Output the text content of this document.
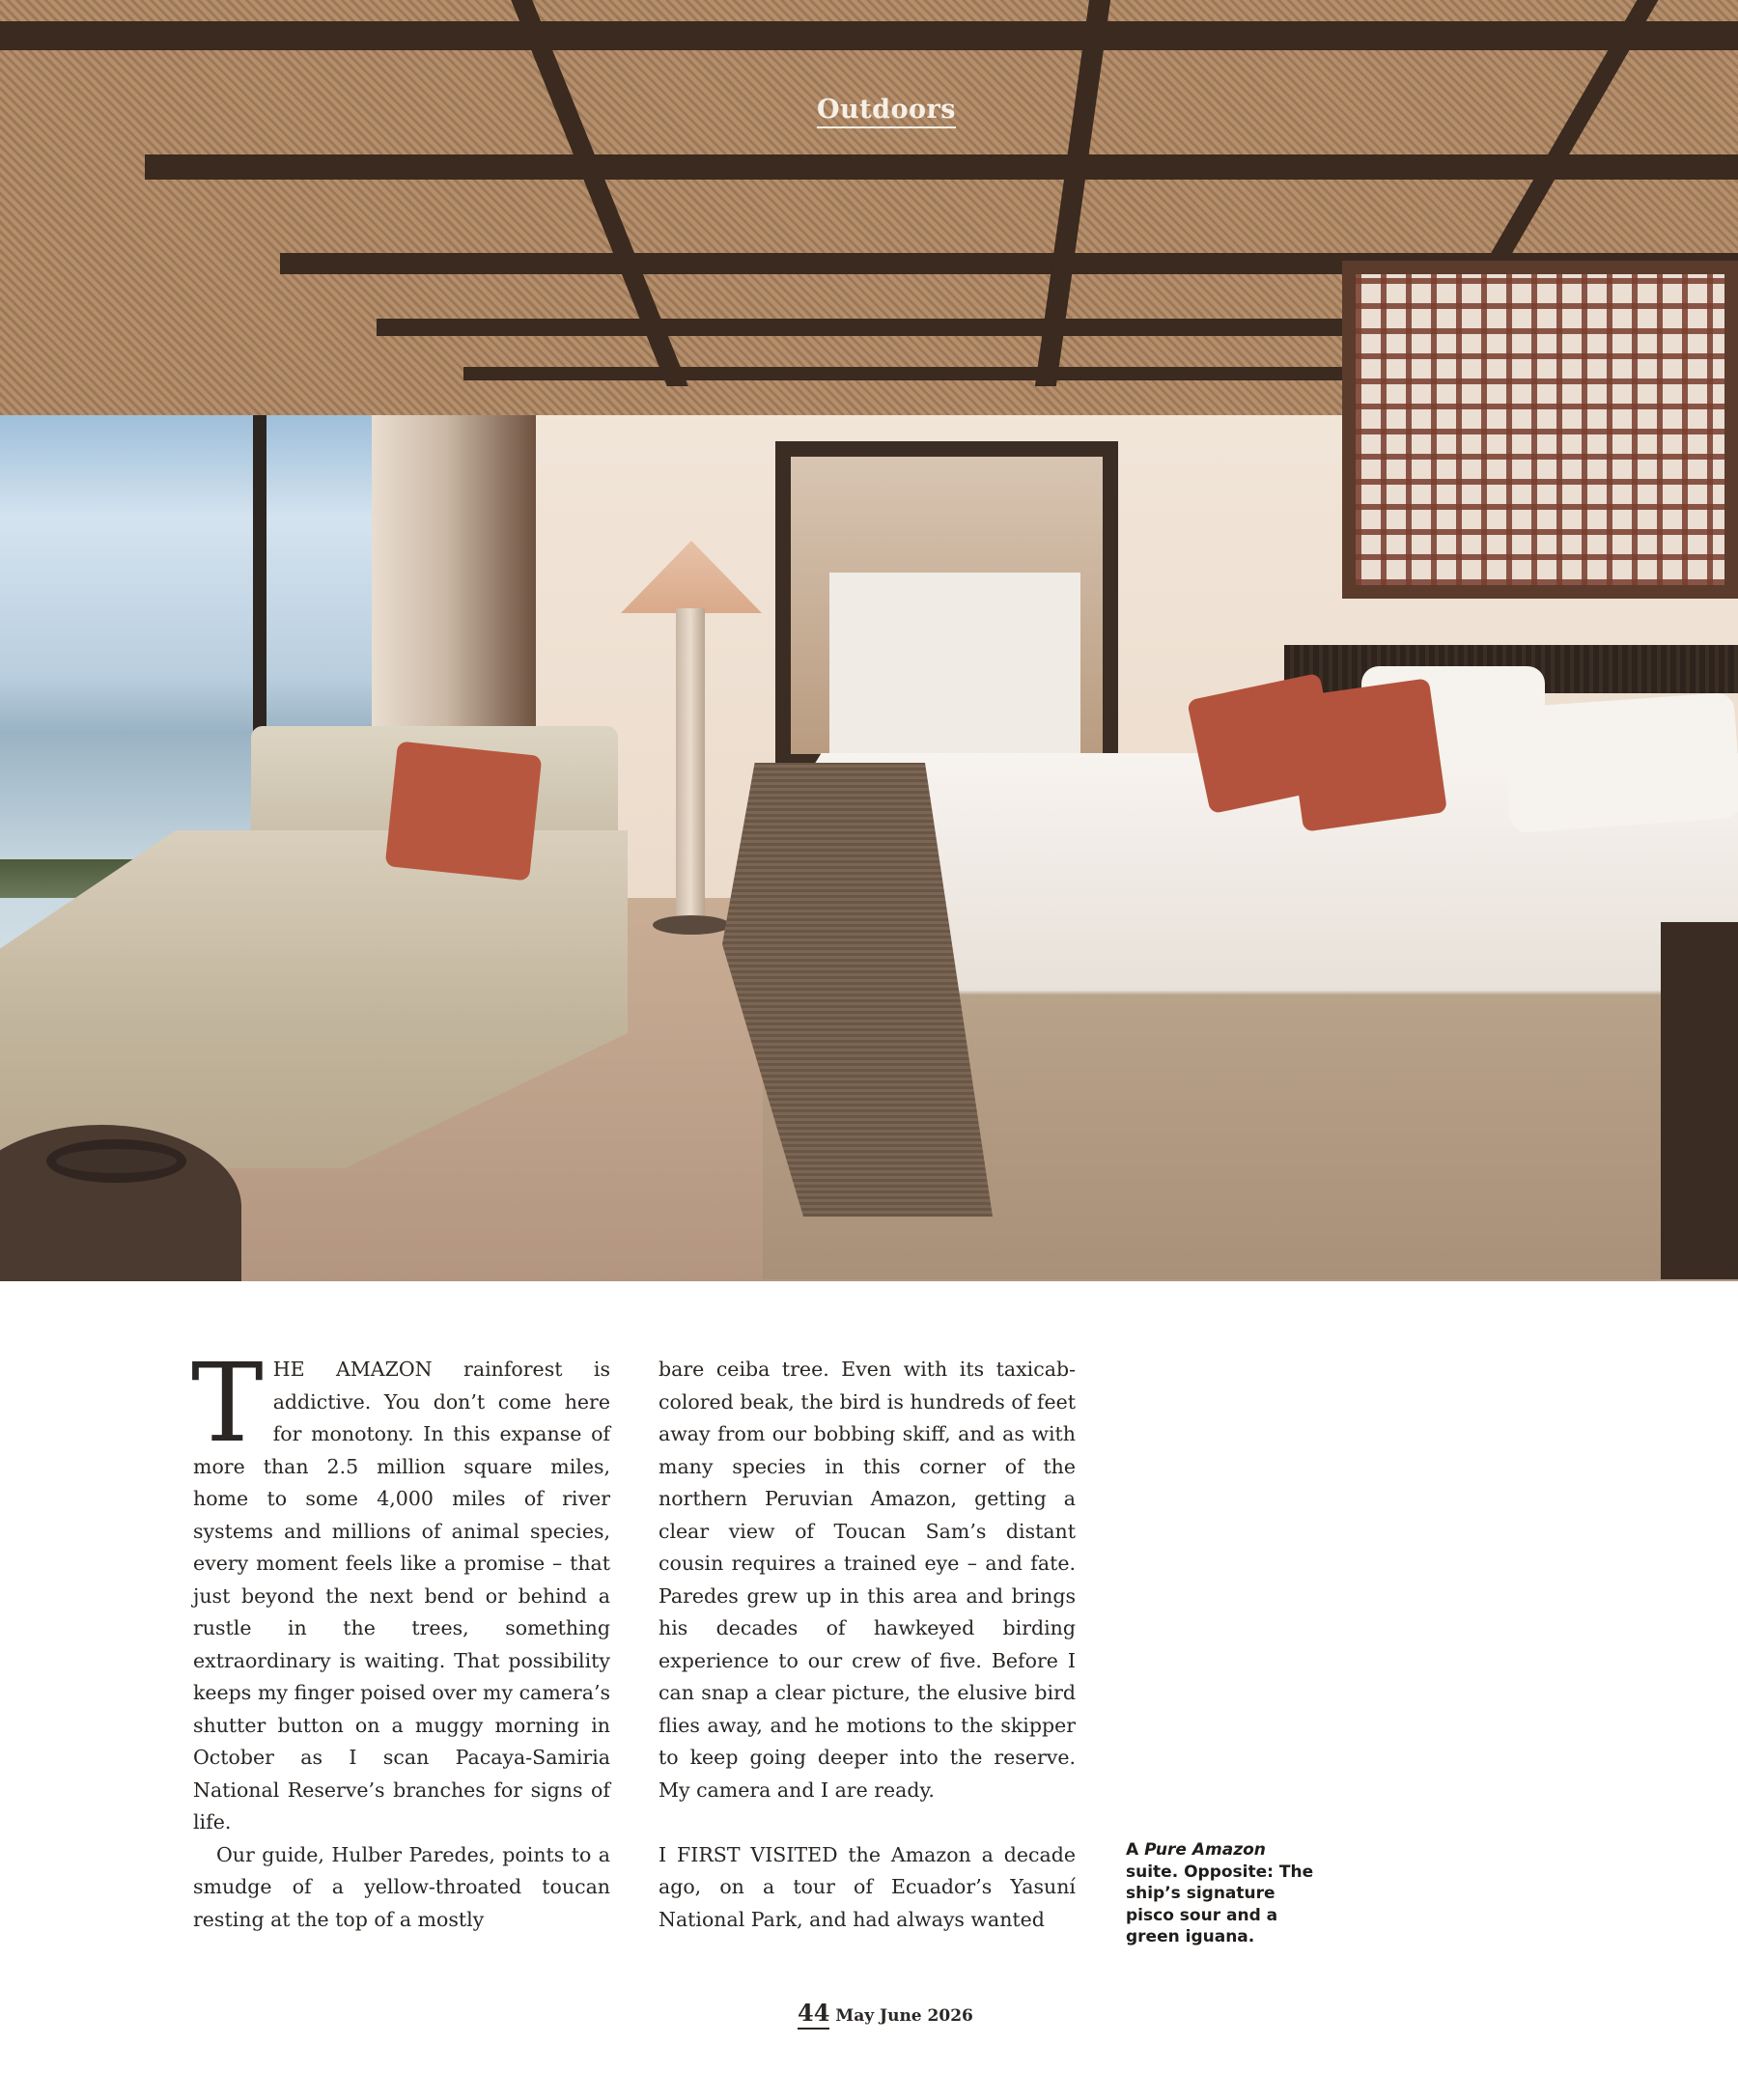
Outdoors

THE AMAZON rainforest is addictive. You don’t come here for monotony. In this expanse of more than 2.5 million square miles, home to some 4,000 miles of river systems and millions of animal species, every moment feels like a promise – that just beyond the next bend or behind a rustle in the trees, something extraordinary is waiting. That possibility keeps my finger poised over my camera’s shutter button on a muggy morning in October as I scan Pacaya-Samiria National Reserve’s branches for signs of life.

Our guide, Hulber Paredes, points to a smudge of a yellow-throated toucan resting at the top of a mostly

bare ceiba tree. Even with its taxicab-colored beak, the bird is hundreds of feet away from our bobbing skiff, and as with many species in this corner of the northern Peruvian Amazon, getting a clear view of Toucan Sam’s distant cousin requires a trained eye – and fate. Paredes grew up in this area and brings his decades of hawkeyed birding experience to our crew of five. Before I can snap a clear picture, the elusive bird flies away, and he motions to the skipper to keep going deeper into the reserve. My camera and I are ready.

I FIRST VISITED the Amazon a decade ago, on a tour of Ecuador’s Yasuní National Park, and had always wanted

A Pure Amazon suite. Opposite: The ship’s signature pisco sour and a green iguana.
44 May June 2026
